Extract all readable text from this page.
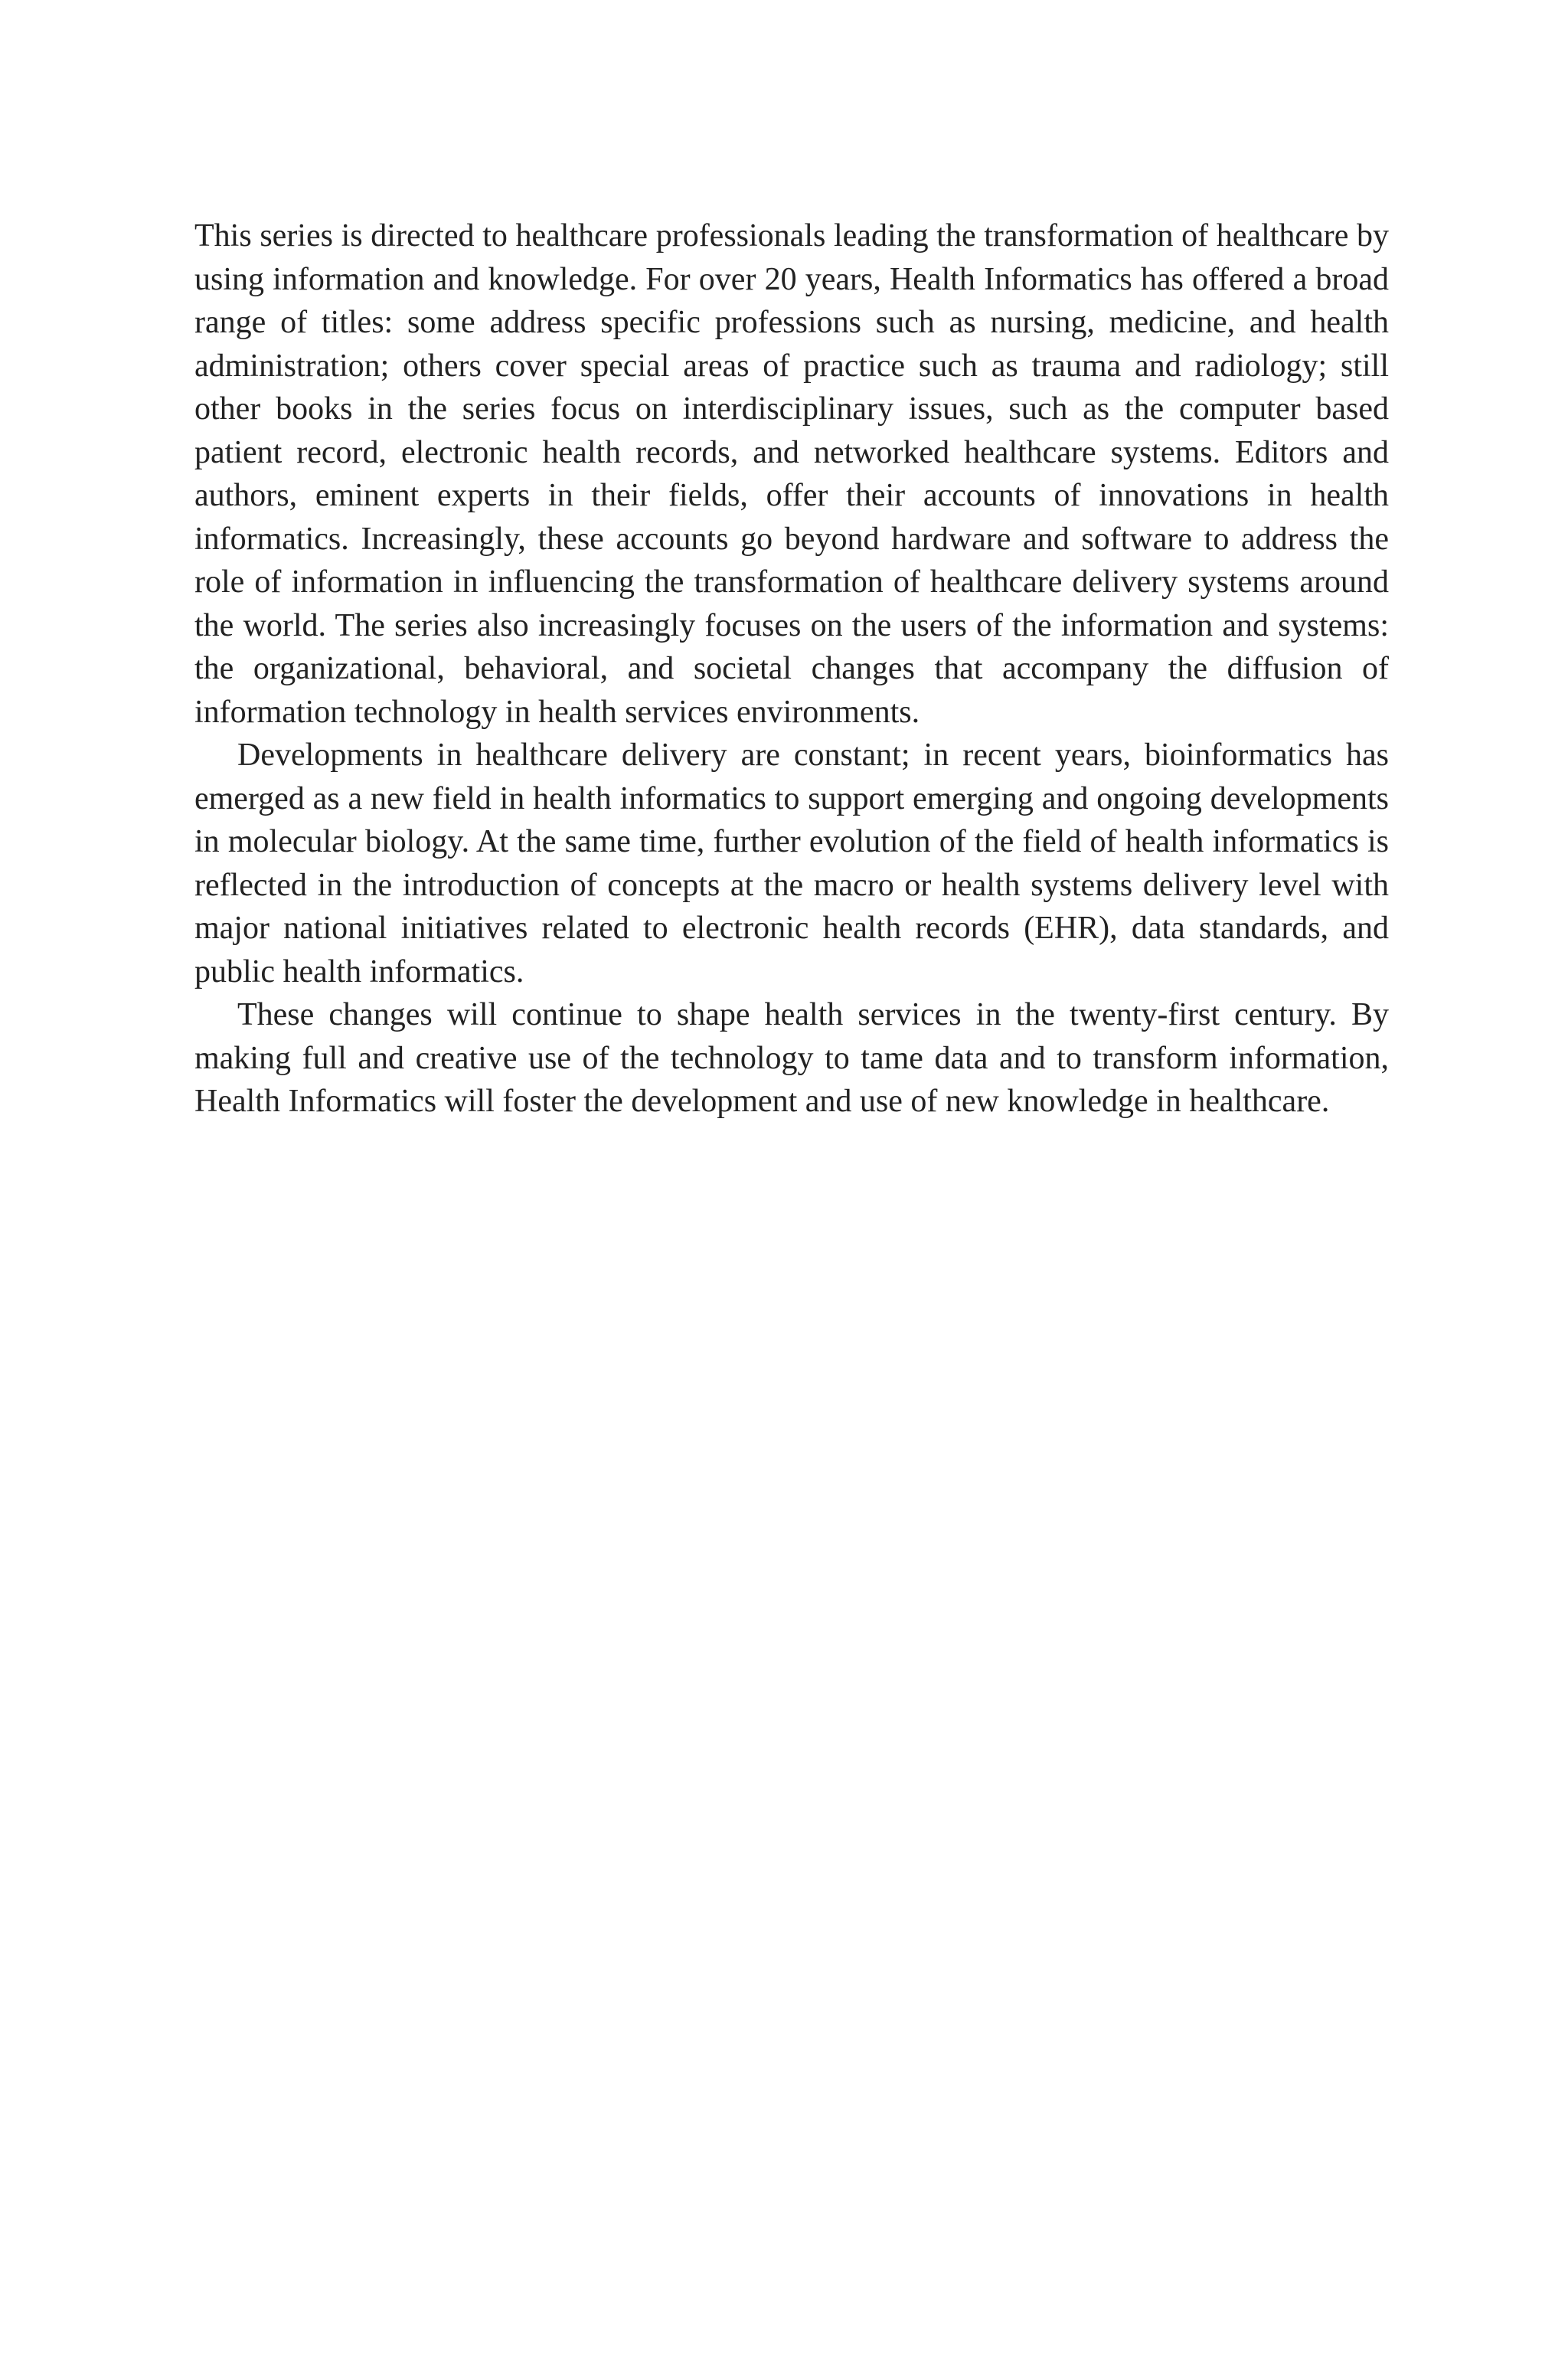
This series is directed to healthcare professionals leading the transformation of healthcare by using information and knowledge. For over 20 years, Health Informatics has offered a broad range of titles: some address specific professions such as nursing, medicine, and health administration; others cover special areas of practice such as trauma and radiology; still other books in the series focus on interdisciplinary issues, such as the computer based patient record, electronic health records, and networked healthcare systems. Editors and authors, eminent experts in their fields, offer their accounts of innovations in health informatics. Increasingly, these accounts go beyond hardware and software to address the role of information in influencing the transformation of healthcare delivery systems around the world. The series also increasingly focuses on the users of the information and systems: the organizational, behavioral, and societal changes that accompany the diffusion of information technology in health services environments.

Developments in healthcare delivery are constant; in recent years, bioinformatics has emerged as a new field in health informatics to support emerging and ongoing developments in molecular biology. At the same time, further evolution of the field of health informatics is reflected in the introduction of concepts at the macro or health systems delivery level with major national initiatives related to electronic health records (EHR), data standards, and public health informatics.

These changes will continue to shape health services in the twenty-first century. By making full and creative use of the technology to tame data and to transform information, Health Informatics will foster the development and use of new knowledge in healthcare.
